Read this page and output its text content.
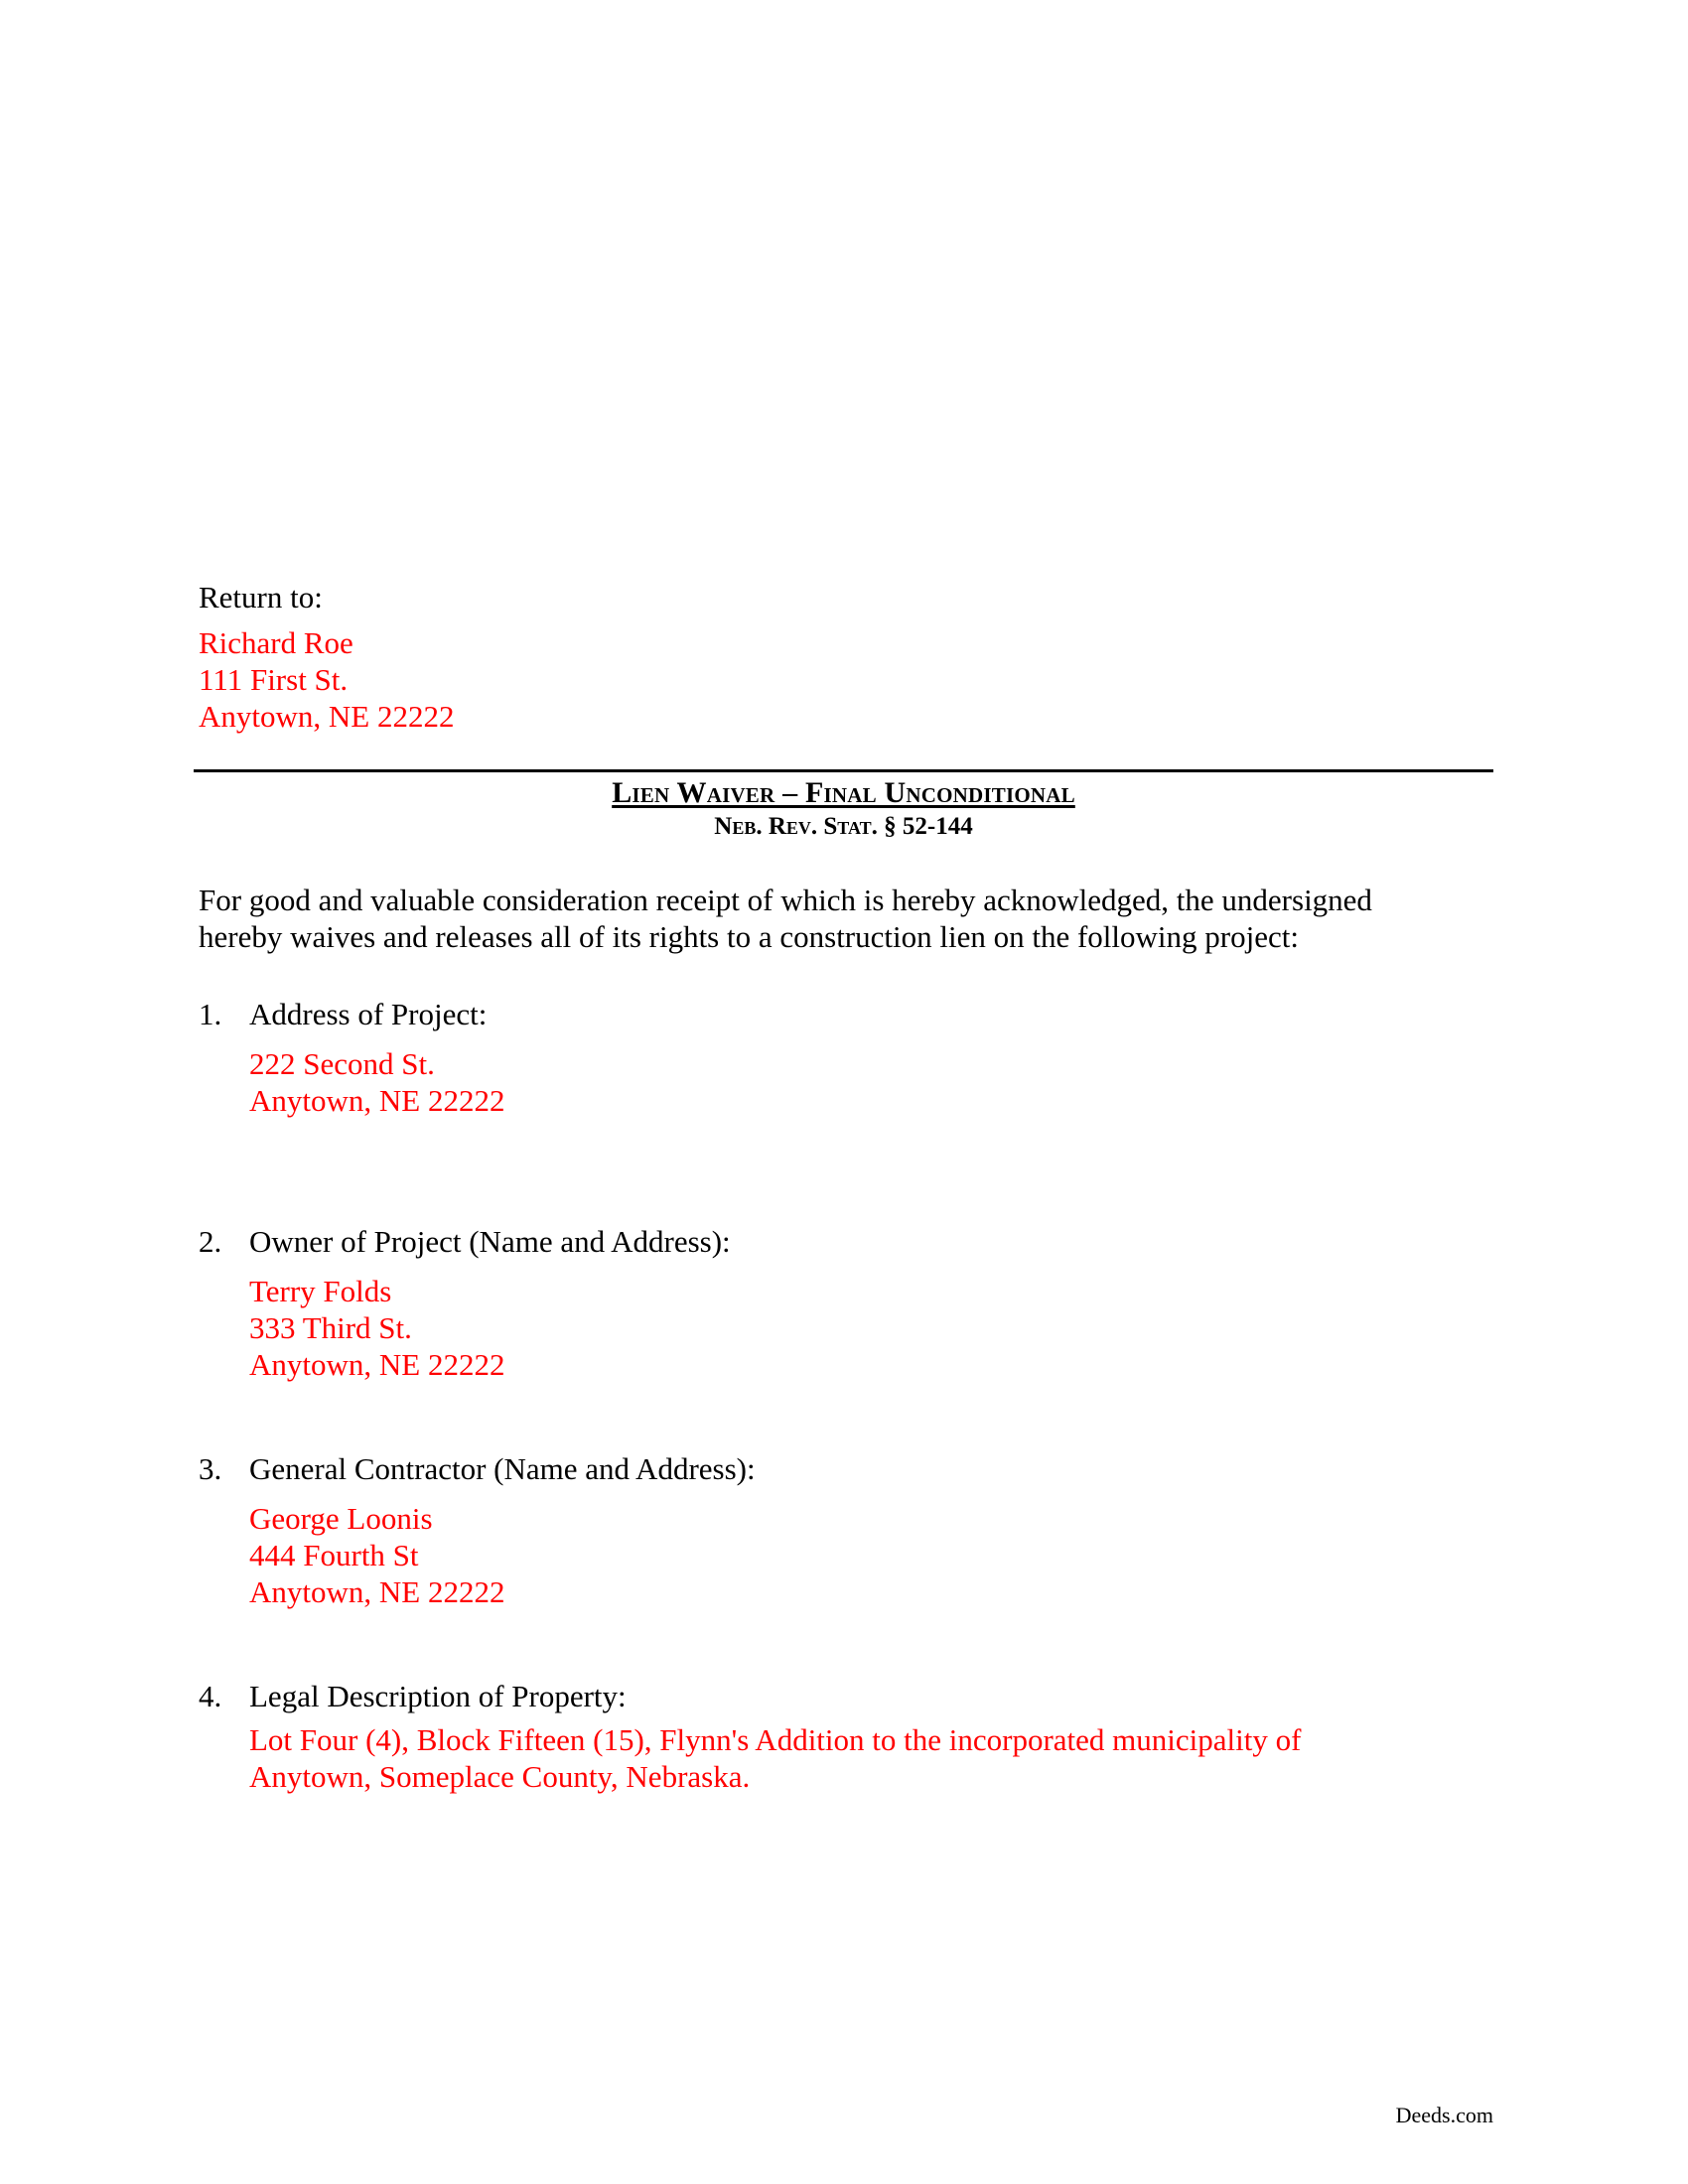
Return to:
Richard Roe
111 First St.
Anytown, NE 22222
Lien Waiver – Final Unconditional
Neb. Rev. Stat. § 52-144
For good and valuable consideration receipt of which is hereby acknowledged, the undersigned
hereby waives and releases all of its rights to a construction lien on the following project:
1. Address of Project:
222 Second St.
Anytown, NE 22222
2. Owner of Project (Name and Address):
Terry Folds
333 Third St.
Anytown, NE 22222
3. General Contractor (Name and Address):
George Loonis
444 Fourth St
Anytown, NE 22222
4. Legal Description of Property:
Lot Four (4), Block Fifteen (15), Flynn's Addition to the incorporated municipality of
Anytown, Someplace County, Nebraska.
Deeds.com
